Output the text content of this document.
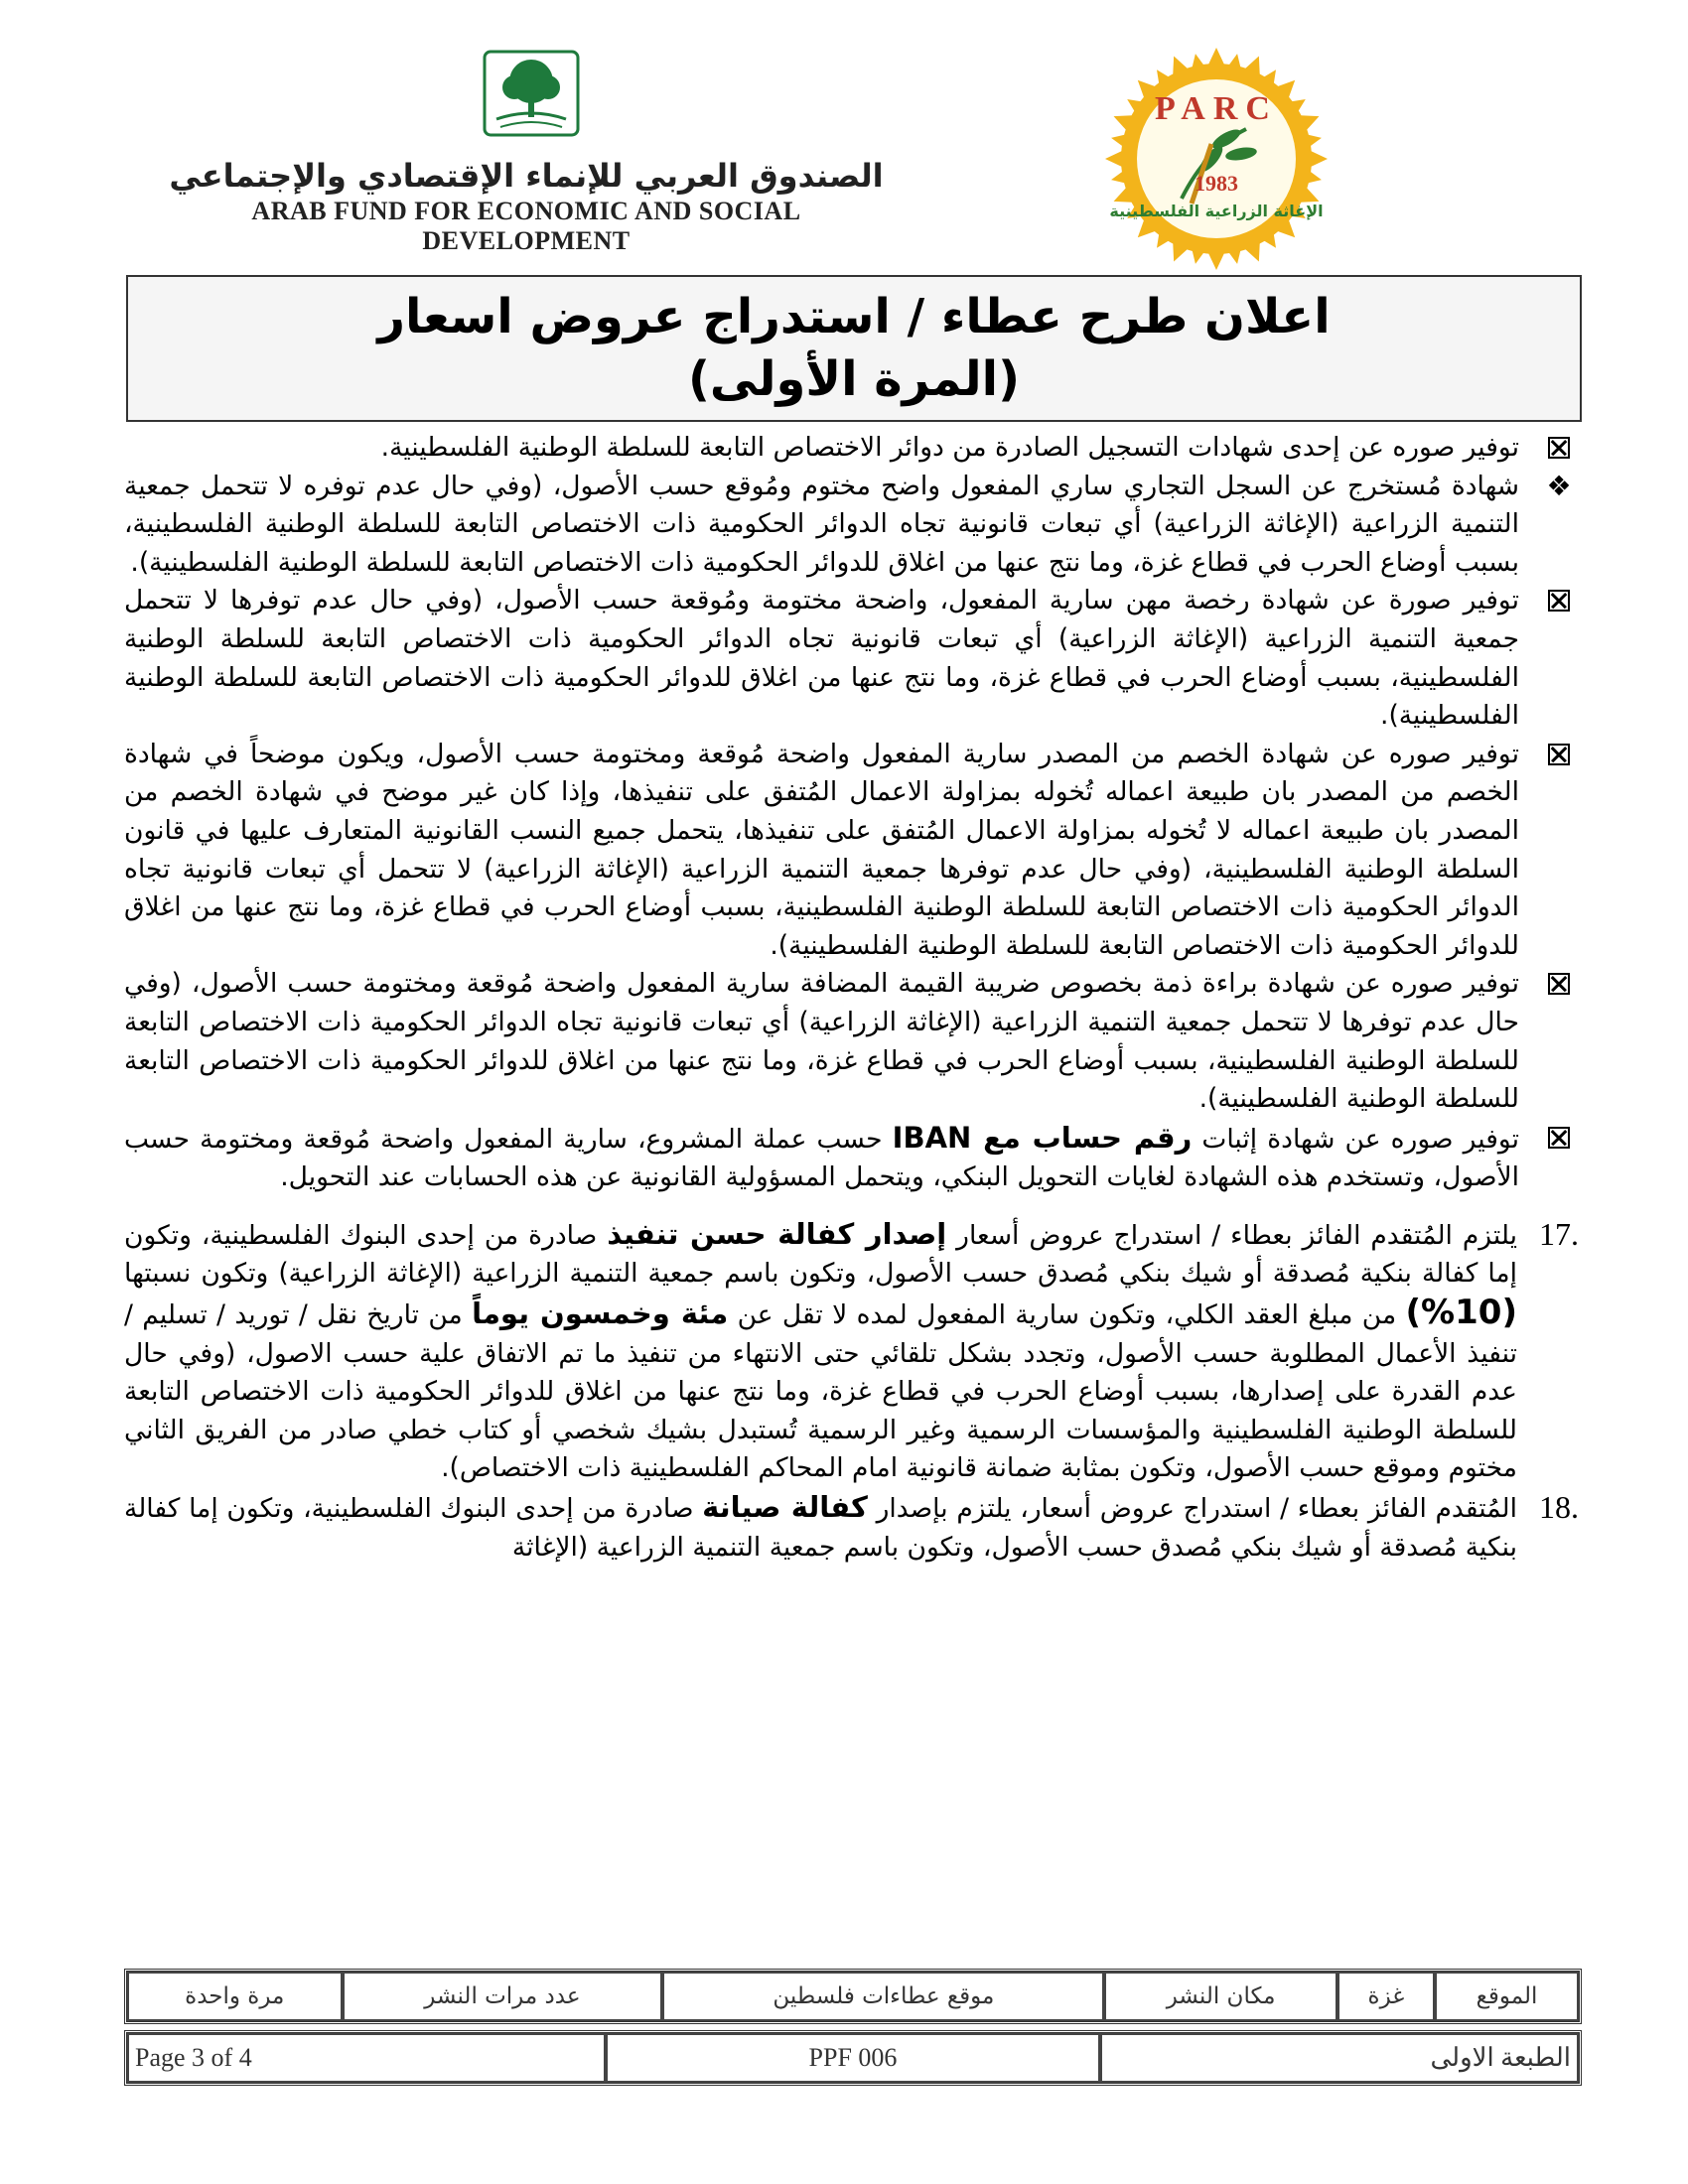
الصندوق العربي للإنماء الإقتصادي والإجتماعي
ARAB FUND FOR ECONOMIC AND SOCIAL DEVELOPMENT
PARC
1983
الإغاثة الزراعية الفلسطينية
اعلان طرح عطاء / استدراج عروض اسعار
(المرة الأولى)
توفير صوره عن إحدى شهادات التسجيل الصادرة من دوائر الاختصاص التابعة للسلطة الوطنية الفلسطينية.
❖
شهادة مُستخرج عن السجل التجاري ساري المفعول واضح مختوم ومُوقع حسب الأصول، (وفي حال عدم توفره لا تتحمل جمعية التنمية الزراعية (الإغاثة الزراعية) أي تبعات قانونية تجاه الدوائر الحكومية ذات الاختصاص التابعة للسلطة الوطنية الفلسطينية، بسبب أوضاع الحرب في قطاع غزة، وما نتج عنها من اغلاق للدوائر الحكومية ذات الاختصاص التابعة للسلطة الوطنية الفلسطينية).
توفير صورة عن شهادة رخصة مهن سارية المفعول، واضحة مختومة ومُوقعة حسب الأصول، (وفي حال عدم توفرها لا تتحمل جمعية التنمية الزراعية (الإغاثة الزراعية) أي تبعات قانونية تجاه الدوائر الحكومية ذات الاختصاص التابعة للسلطة الوطنية الفلسطينية، بسبب أوضاع الحرب في قطاع غزة، وما نتج عنها من اغلاق للدوائر الحكومية ذات الاختصاص التابعة للسلطة الوطنية الفلسطينية).
توفير صوره عن شهادة الخصم من المصدر سارية المفعول واضحة مُوقعة ومختومة حسب الأصول، ويكون موضحاً في شهادة الخصم من المصدر بان طبيعة اعماله تُخوله بمزاولة الاعمال المُتفق على تنفيذها، وإذا كان غير موضح في شهادة الخصم من المصدر بان طبيعة اعماله لا تُخوله بمزاولة الاعمال المُتفق على تنفيذها، يتحمل جميع النسب القانونية المتعارف عليها في قانون السلطة الوطنية الفلسطينية، (وفي حال عدم توفرها جمعية التنمية الزراعية (الإغاثة الزراعية) لا تتحمل أي تبعات قانونية تجاه الدوائر الحكومية ذات الاختصاص التابعة للسلطة الوطنية الفلسطينية، بسبب أوضاع الحرب في قطاع غزة، وما نتج عنها من اغلاق للدوائر الحكومية ذات الاختصاص التابعة للسلطة الوطنية الفلسطينية).
توفير صوره عن شهادة براءة ذمة بخصوص ضريبة القيمة المضافة سارية المفعول واضحة مُوقعة ومختومة حسب الأصول، (وفي حال عدم توفرها لا تتحمل جمعية التنمية الزراعية (الإغاثة الزراعية) أي تبعات قانونية تجاه الدوائر الحكومية ذات الاختصاص التابعة للسلطة الوطنية الفلسطينية، بسبب أوضاع الحرب في قطاع غزة، وما نتج عنها من اغلاق للدوائر الحكومية ذات الاختصاص التابعة للسلطة الوطنية الفلسطينية).
توفير صوره عن شهادة إثبات رقم حساب مع IBAN حسب عملة المشروع، سارية المفعول واضحة مُوقعة ومختومة حسب الأصول، وتستخدم هذه الشهادة لغايات التحويل البنكي، ويتحمل المسؤولية القانونية عن هذه الحسابات عند التحويل.
17.
يلتزم المُتقدم الفائز بعطاء / استدراج عروض أسعار إصدار كفالة حسن تنفيذ صادرة من إحدى البنوك الفلسطينية، وتكون إما كفالة بنكية مُصدقة أو شيك بنكي مُصدق حسب الأصول، وتكون باسم جمعية التنمية الزراعية (الإغاثة الزراعية) وتكون نسبتها (10%) من مبلغ العقد الكلي، وتكون سارية المفعول لمده لا تقل عن مئة وخمسون يوماً من تاريخ نقل / توريد / تسليم / تنفيذ الأعمال المطلوبة حسب الأصول، وتجدد بشكل تلقائي حتى الانتهاء من تنفيذ ما تم الاتفاق علية حسب الاصول، (وفي حال عدم القدرة على إصدارها، بسبب أوضاع الحرب في قطاع غزة، وما نتج عنها من اغلاق للدوائر الحكومية ذات الاختصاص التابعة للسلطة الوطنية الفلسطينية والمؤسسات الرسمية وغير الرسمية تُستبدل بشيك شخصي أو كتاب خطي صادر من الفريق الثاني مختوم وموقع حسب الأصول، وتكون بمثابة ضمانة قانونية امام المحاكم الفلسطينية ذات الاختصاص).
18.
المُتقدم الفائز بعطاء / استدراج عروض أسعار، يلتزم بإصدار كفالة صيانة صادرة من إحدى البنوك الفلسطينية، وتكون إما كفالة بنكية مُصدقة أو شيك بنكي مُصدق حسب الأصول، وتكون باسم جمعية التنمية الزراعية (الإغاثة
الموقع	غزة	مكان النشر	موقع عطاءات فلسطين	عدد مرات النشر	مرة واحدة
Page 3 of 4	PPF 006	الطبعة الاولى
